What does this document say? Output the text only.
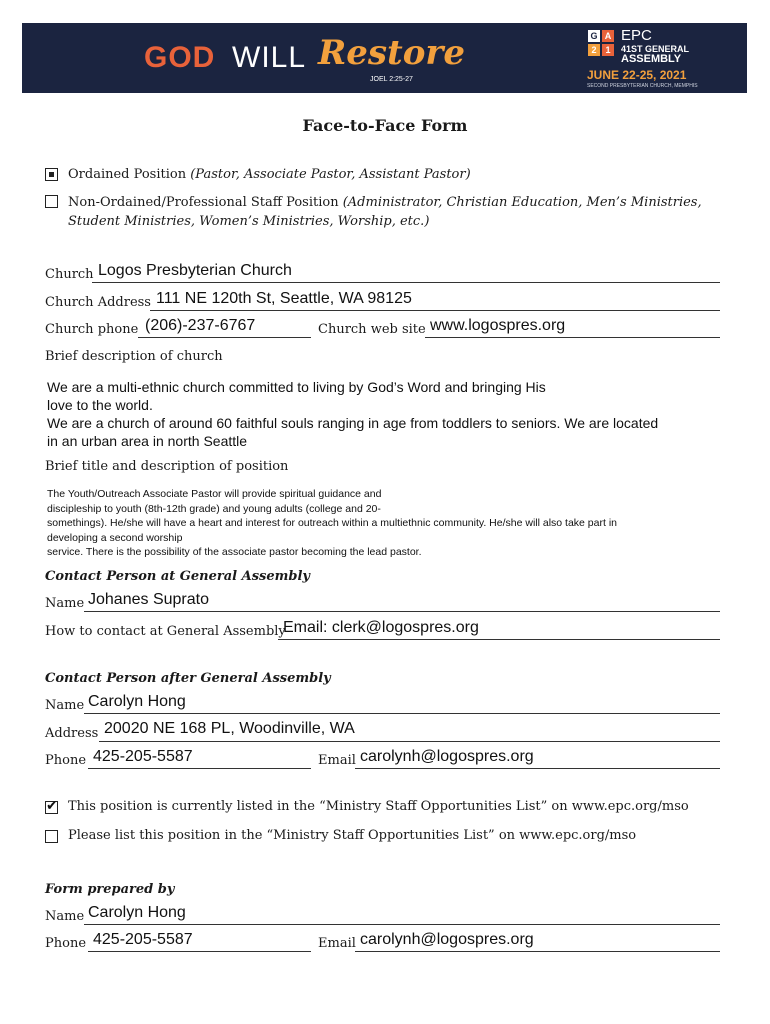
GOD WILL Restore
JOEL 2:25-27
G A
2 1
EPC
41ST GENERAL
ASSEMBLY
JUNE 22-25, 2021
SECOND PRESBYTERIAN CHURCH, MEMPHIS
Face-to-Face Form
Ordained Position (Pastor, Associate Pastor, Assistant Pastor)
Non-Ordained/Professional Staff Position (Administrator, Christian Education, Men’s Ministries,
Student Ministries, Women’s Ministries, Worship, etc.)
Church Logos Presbyterian Church
Church Address 111 NE 120th St, Seattle, WA 98125
Church phone (206)-237-6767	Church web site www.logospres.org
Brief description of church
We are a multi-ethnic church committed to living by God’s Word and bringing His
love to the world.
We are a church of around 60 faithful souls ranging in age from toddlers to seniors. We are located
in an urban area in north Seattle
Brief title and description of position
The Youth/Outreach Associate Pastor will provide spiritual guidance and
discipleship to youth (8th-12th grade) and young adults (college and 20-
somethings). He/she will have a heart and interest for outreach within a multiethnic community. He/she will also take part in
developing a second worship
service. There is the possibility of the associate pastor becoming the lead pastor.
Contact Person at General Assembly
Name Johanes Suprato
How to contact at General Assembly
Email: clerk@logospres.org
Contact Person after General Assembly
Name Carolyn Hong
Address 20020 NE 168 PL, Woodinville, WA
Phone 425-205-5587	Email carolynh@logospres.org
✔ This position is currently listed in the “Ministry Staff Opportunities List” on www.epc.org/mso
Please list this position in the “Ministry Staff Opportunities List” on www.epc.org/mso
Form prepared by
Name Carolyn Hong
Phone 425-205-5587	Email carolynh@logospres.org
